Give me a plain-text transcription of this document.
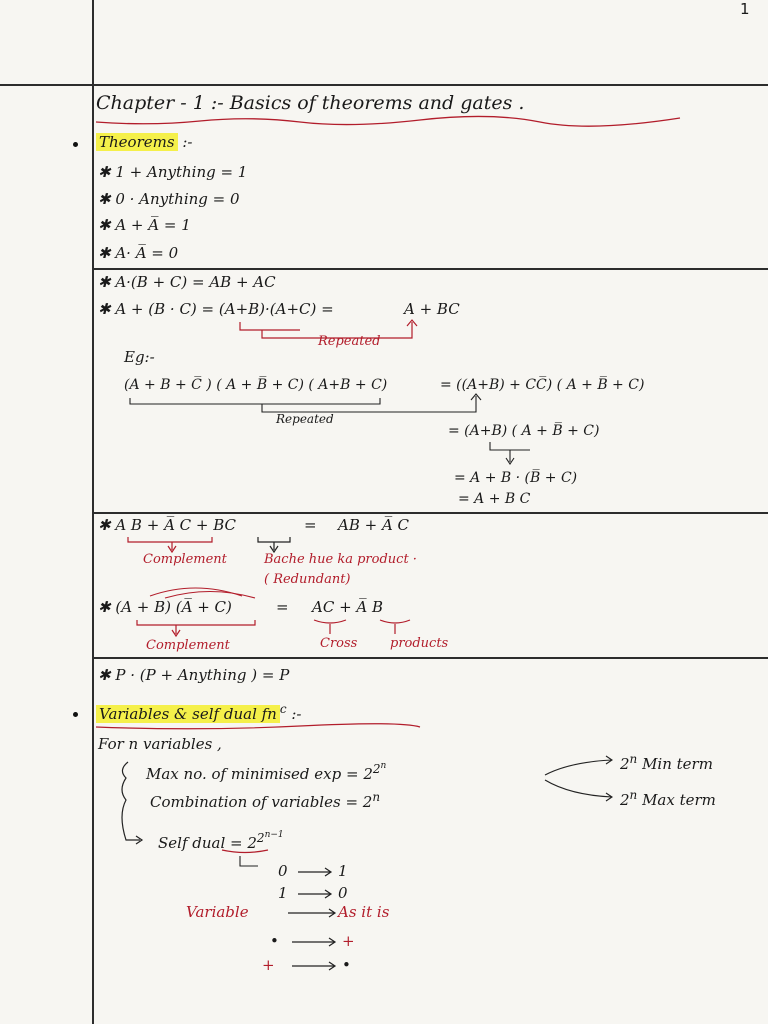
1
Chapter - 1 :- Basics of theorems and gates .
Theorems :-
✱ 1 + Anything = 1
✱ 0 · Anything = 0
✱ A + A̅ = 1
✱ A· A̅ = 0
✱ A·(B + C) = AB + AC
✱ A + (B · C) = (A+B)·(A+C) =	A + BC
Repeated
Eg:-
(A + B + C̅ ) ( A + B̅ + C) ( A+B + C)	= ((A+B) + CC̅) ( A + B̅ + C)
Repeated
= (A+B) ( A + B̅ + C)
= A + B · (B̅ + C)
= A + B C
✱ A B + A̅ C + BC	= AB + A̅ C
Complement	Bache hue ka product ·
( Redundant)
✱ (A + B) (A̅ + C)	= AC + A̅ B
Complement	Cross	products
✱ P · (P + Anything ) = P
Variables & self dual fn $^c$ :-
For n variables ,
Max no. of minimised $\exp = 2^{2^n}$	2$^n$ Min term
2$^n$ Max term
Combination of variables = $2^n$
Self dual = $2^{2^{n-1}}$
0	1
1	0
Variable	As it is
•	+
+	•
